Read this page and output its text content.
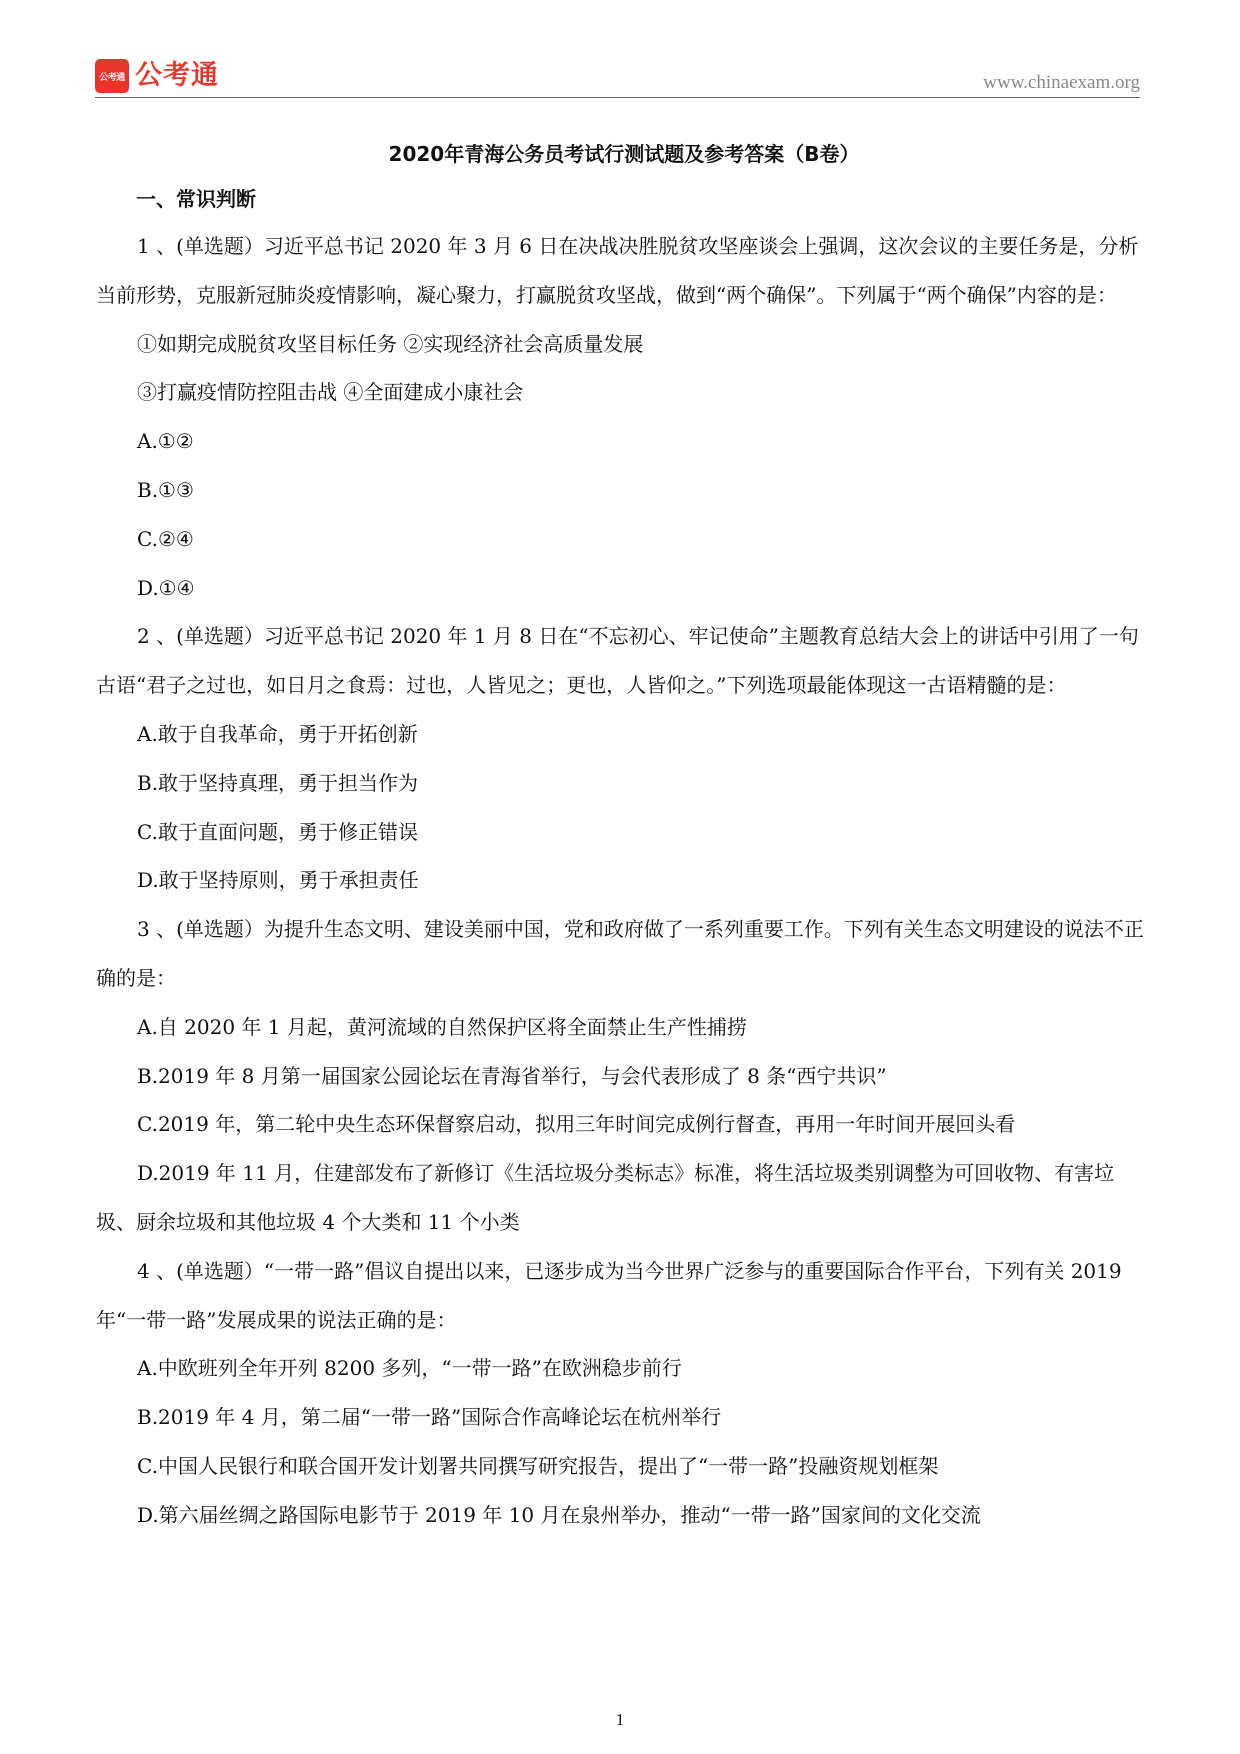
公考通 公考通	www.chinaexam.org

2020年青海公务员考试行测试题及参考答案（B卷）

一、常识判断

1 、(单选题）习近平总书记 2020 年 3 月 6 日在决战决胜脱贫攻坚座谈会上强调，这次会议的主要任务是，分析当前形势，克服新冠肺炎疫情影响，凝心聚力，打赢脱贫攻坚战，做到“两个确保”。下列属于“两个确保”内容的是：

①如期完成脱贫攻坚目标任务 ②实现经济社会高质量发展

③打赢疫情防控阻击战 ④全面建成小康社会

A.①②

B.①③

C.②④

D.①④

2 、(单选题）习近平总书记 2020 年 1 月 8 日在“不忘初心、牢记使命”主题教育总结大会上的讲话中引用了一句古语“君子之过也，如日月之食焉：过也，人皆见之；更也，人皆仰之。”下列选项最能体现这一古语精髓的是：

A.敢于自我革命，勇于开拓创新

B.敢于坚持真理，勇于担当作为

C.敢于直面问题，勇于修正错误

D.敢于坚持原则，勇于承担责任

3 、(单选题）为提升生态文明、建设美丽中国，党和政府做了一系列重要工作。下列有关生态文明建设的说法不正确的是：

A.自 2020 年 1 月起，黄河流域的自然保护区将全面禁止生产性捕捞

B.2019 年 8 月第一届国家公园论坛在青海省举行，与会代表形成了 8 条“西宁共识”

C.2019 年，第二轮中央生态环保督察启动，拟用三年时间完成例行督查，再用一年时间开展回头看

D.2019 年 11 月，住建部发布了新修订《生活垃圾分类标志》标准，将生活垃圾类别调整为可回收物、有害垃圾、厨余垃圾和其他垃圾 4 个大类和 11 个小类

4 、(单选题）“一带一路”倡议自提出以来，已逐步成为当今世界广泛参与的重要国际合作平台，下列有关 2019 年“一带一路”发展成果的说法正确的是：

A.中欧班列全年开列 8200 多列，“一带一路”在欧洲稳步前行

B.2019 年 4 月，第二届“一带一路”国际合作高峰论坛在杭州举行

C.中国人民银行和联合国开发计划署共同撰写研究报告，提出了“一带一路”投融资规划框架

D.第六届丝绸之路国际电影节于 2019 年 10 月在泉州举办，推动“一带一路”国家间的文化交流

1
